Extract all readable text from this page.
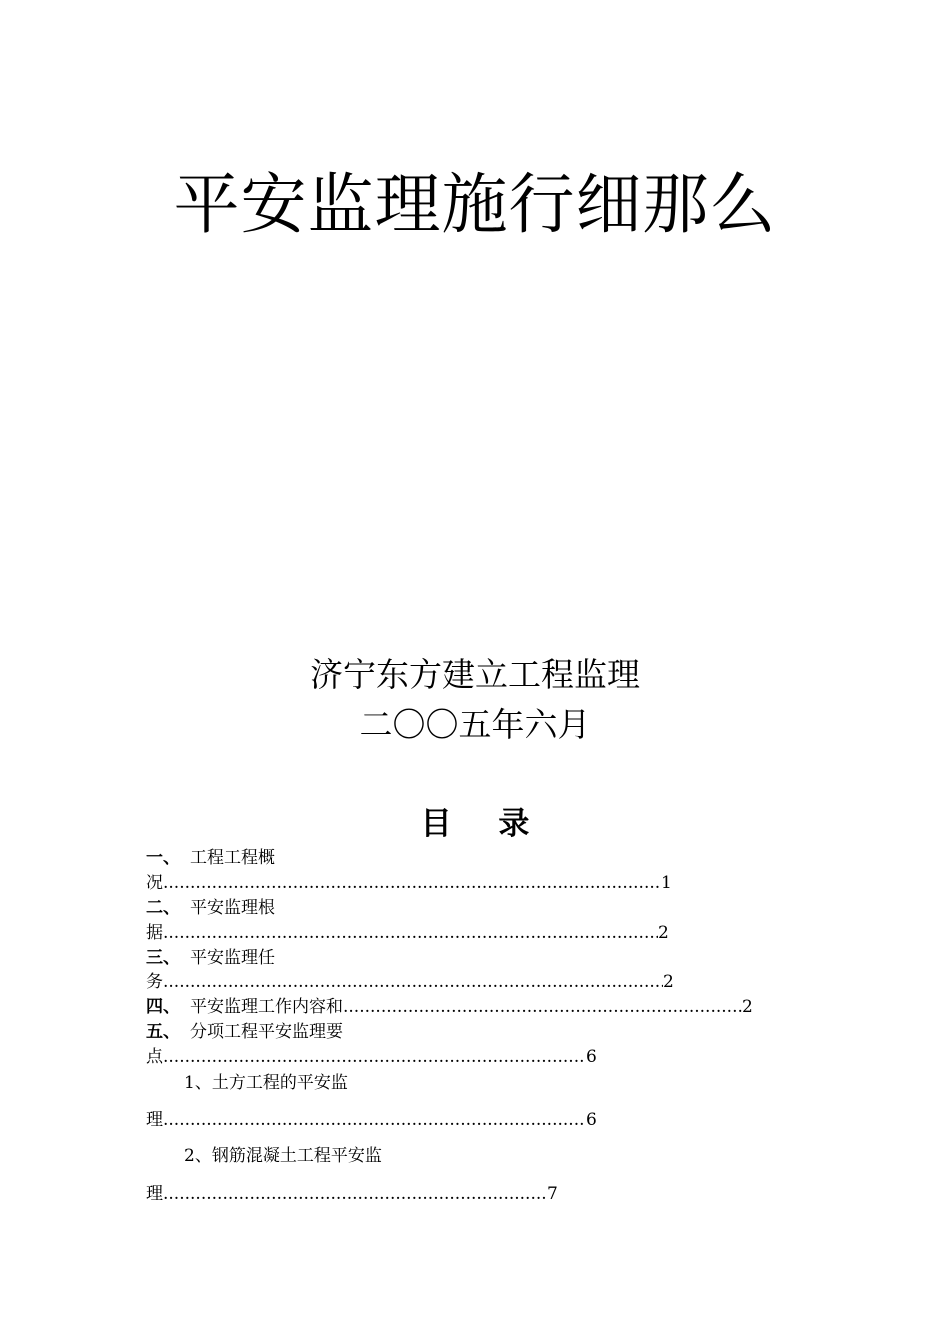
平安监理施行细那么
济宁东方建立工程监理
二〇〇五年六月
目 录
一、 工程工程概
况 .....	1
二、 平安监理根
据 .....	2
三、 平安监理任
务 .....	2
四、 平安监理工作内容和 .....	2
五、 分项工程平安监理要
点 .....	6
1、土方工程的平安监
理 .....	6
2、钢筋混凝土工程平安监
理 .....	7
